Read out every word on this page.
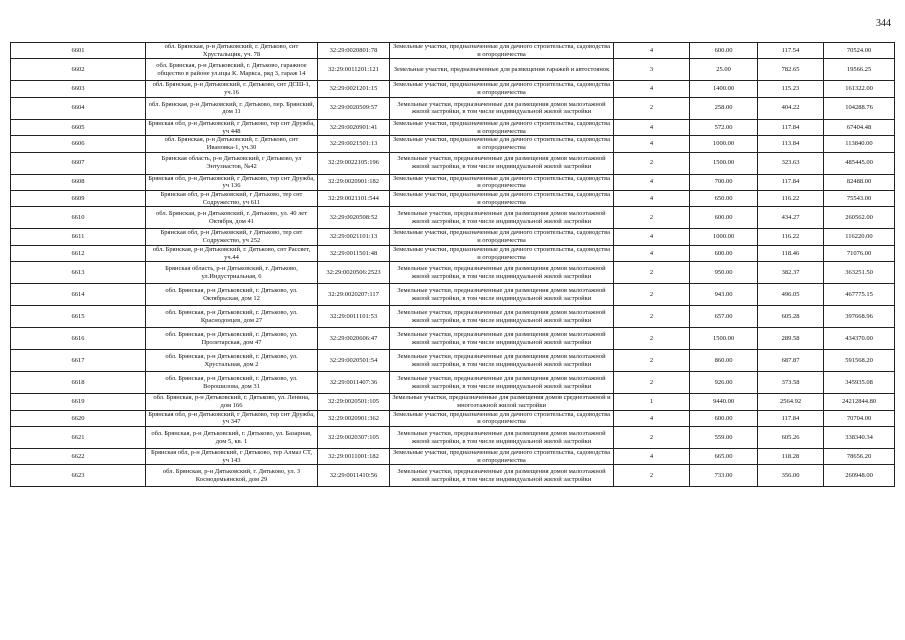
344
6601	обл. Брянская, р-н Дятьковский, г. Дятьково, снт Хрустальщик, уч. 78	32:29:0020801:78	Земельные участки, предназначенные для дачного строительства, садоводства и огородничества	4	600.00	117.54	70524.00
6602	обл. Брянская, р-н Дятьковский, г. Дятьково, гаражное общество в районе ул.ицы К. Маркса, ряд 3, гараж 14	32:29:0011201:121	Земельные участки, предназначенные для размещения гаражей и автостоянок	3	25.00	782.65	19566.25
6603	обл. Брянская, р-н Дятьковский, г. Дятьково, снт ДСШ-1, уч.16	32:29:0021201:15	Земельные участки, предназначенные для дачного строительства, садоводства и огородничества	4	1400.00	115.23	161322.00
6604	обл. Брянская, р-н Дятьковский, г. Дятьково, пер. Брянский, дом 11	32:29:0020509:57	Земельные участки, предназначенные для размещения домов малоэтажной жилой застройки, в том числе индивидуальной жилой застройки	2	258.00	404.22	104288.76
6605	Брянская обл, р-н Дятьковский, г Дятьково, тер снт Дружба, уч 448	32:29:0020901:41	Земельные участки, предназначенные для дачного строительства, садоводства и огородничества	4	572.00	117.84	67404.48
6606	обл. Брянская, р-н Дятьковский, г. Дятьково, снт Ивановка-1, уч.30	32:29:0021501:13	Земельные участки, предназначенные для дачного строительства, садоводства и огородничества	4	1000.00	113.84	113840.00
6607	Брянская область, р-н Дятьковский, г Дятьково, ул Энтузиастов, №42	32:29:0022105:196	Земельные участки, предназначенные для размещения домов малоэтажной жилой застройки, в том числе индивидуальной жилой застройки	2	1500.00	323.63	485445.00
6608	Брянская обл, р-н Дятьковский, г Дятьково, тер снт Дружба, уч 136	32:29:0020901:182	Земельные участки, предназначенные для дачного строительства, садоводства и огородничества	4	700.00	117.84	82488.00
6609	Брянская обл, р-н Дятьковский, г Дятьково, тер снт Содружество, уч 611	32:29:0021101:544	Земельные участки, предназначенные для дачного строительства, садоводства и огородничества	4	650.00	116.22	75543.00
6610	обл. Брянская, р-н Дятьковский, г. Дятьково, ул. 40 лет Октября, дом 41	32:29:0020508:52	Земельные участки, предназначенные для размещения домов малоэтажной жилой застройки, в том числе индивидуальной жилой застройки	2	600.00	434.27	260562.00
6611	Брянская обл, р-н Дятьковский, г Дятьково, тер снт Содружество, уч 252	32:29:0021101:13	Земельные участки, предназначенные для дачного строительства, садоводства и огородничества	4	1000.00	116.22	116220.00
6612	обл. Брянская, р-н Дятьковский, г. Дятьково, снт Рассвет, уч.44	32:29:0011501:48	Земельные участки, предназначенные для дачного строительства, садоводства и огородничества	4	600.00	118.46	71076.00
6613	Брянская область, р-н Дятьковский, г. Дятьково, ул.Индустриальная, 6	32:29:0020506:2523	Земельные участки, предназначенные для размещения домов малоэтажной жилой застройки, в том числе индивидуальной жилой застройки	2	950.00	382.37	363251.50
6614	обл. Брянская, р-н Дятьковский, г. Дятьково, ул. Октябрьская, дом 12	32:29:0020207:117	Земельные участки, предназначенные для размещения домов малоэтажной жилой застройки, в том числе индивидуальной жилой застройки	2	943.00	496.05	467775.15
6615	обл. Брянская, р-н Дятьковский, г. Дятьково, ул. Краснодонцев, дом 27	32:29:0011101:53	Земельные участки, предназначенные для размещения домов малоэтажной жилой застройки, в том числе индивидуальной жилой застройки	2	657.00	605.28	397668.96
6616	обл. Брянская, р-н Дятьковский, г. Дятьково, ул. Пролетарская, дом 47	32:29:0020606:47	Земельные участки, предназначенные для размещения домов малоэтажной жилой застройки, в том числе индивидуальной жилой застройки	2	1500.00	289.58	434370.00
6617	обл. Брянская, р-н Дятьковский, г. Дятьково, ул. Хрустальная, дом 2	32:29:0020501:54	Земельные участки, предназначенные для размещения домов малоэтажной жилой застройки, в том числе индивидуальной жилой застройки	2	860.00	687.87	591568.20
6618	обл. Брянская, р-н Дятьковский, г. Дятьково, ул. Ворошилова, дом 31	32:29:0011407:36	Земельные участки, предназначенные для размещения домов малоэтажной жилой застройки, в том числе индивидуальной жилой застройки	2	926.00	373.58	345935.08
6619	обл. Брянская, р-н Дятьковский, г. Дятьково, ул. Ленина, дом 166	32:29:0020501:105	Земельные участки, предназначенные для размещения домов среднеэтажной и многоэтажной жилой застройки	1	9440.00	2564.92	24212844.80
6620	Брянская обл, р-н Дятьковский, г Дятьково, тер снт Дружба, уч 347	32:29:0020901:362	Земельные участки, предназначенные для дачного строительства, садоводства и огородничества	4	600.00	117.84	70704.00
6621	обл. Брянская, р-н Дятьковский, г. Дятьково, ул. Базарная, дом 5, кв. 1	32:29:0020307:105	Земельные участки, предназначенные для размещения домов малоэтажной жилой застройки, в том числе индивидуальной жилой застройки	2	559.00	605.26	338340.34
6622	Брянская обл, р-н Дятьковский, г Дятьково, тер Алмаз СТ, уч 143	32:29:0011001:182	Земельные участки, предназначенные для дачного строительства, садоводства и огородничества	4	665.00	118.28	78656.20
6623	обл. Брянская, р-н Дятьковский, г. Дятьково, ул. 3 Космодемьянской, дом 29	32:29:0011410:56	Земельные участки, предназначенные для размещения домов малоэтажной жилой застройки, в том числе индивидуальной жилой застройки	2	733.00	356.00	260948.00
